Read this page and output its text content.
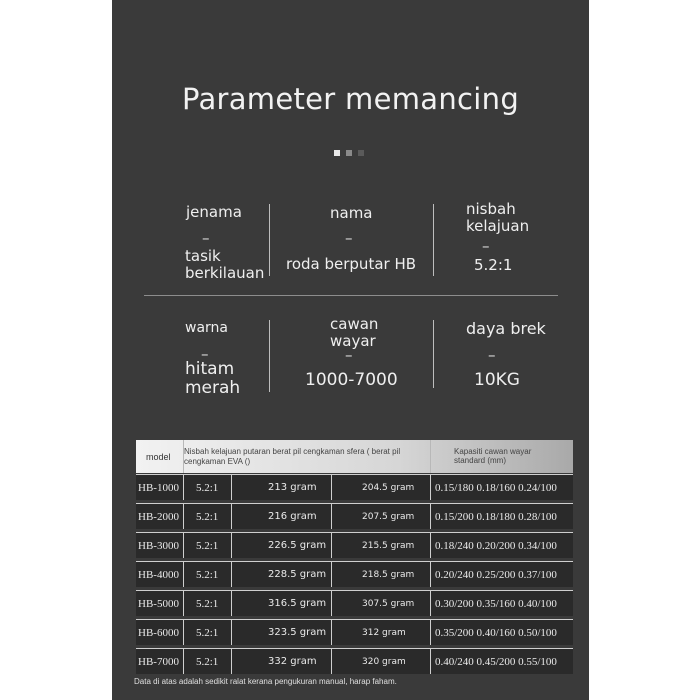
Parameter memancing
jenama
–
tasik berkilauan
nama
–
roda berputar HB
nisbah kelajuan
–
5.2:1
warna
–
hitam merah
cawan wayar
–
1000-7000
daya brek
–
10KG
model Nisbah kelajuan putaran berat pil cengkaman sfera ( berat pil cengkaman EVA ()
Kapasiti cawan wayar standard (mm)
HB-1000 5.2:1	213 gram	204.5 gram 0.15/180 0.18/160 0.24/100
HB-2000 5.2:1	216 gram	207.5 gram 0.15/200 0.18/180 0.28/100
HB-3000 5.2:1	226.5 gram	215.5 gram 0.18/240 0.20/200 0.34/100
HB-4000 5.2:1	228.5 gram	218.5 gram 0.20/240 0.25/200 0.37/100
HB-5000 5.2:1	316.5 gram	307.5 gram 0.30/200 0.35/160 0.40/100
HB-6000 5.2:1	323.5 gram	312 gram	0.35/200 0.40/160 0.50/100
HB-7000 5.2:1	332 gram	320 gram	0.40/240 0.45/200 0.55/100
Data di atas adalah sedikit ralat kerana pengukuran manual, harap faham.
